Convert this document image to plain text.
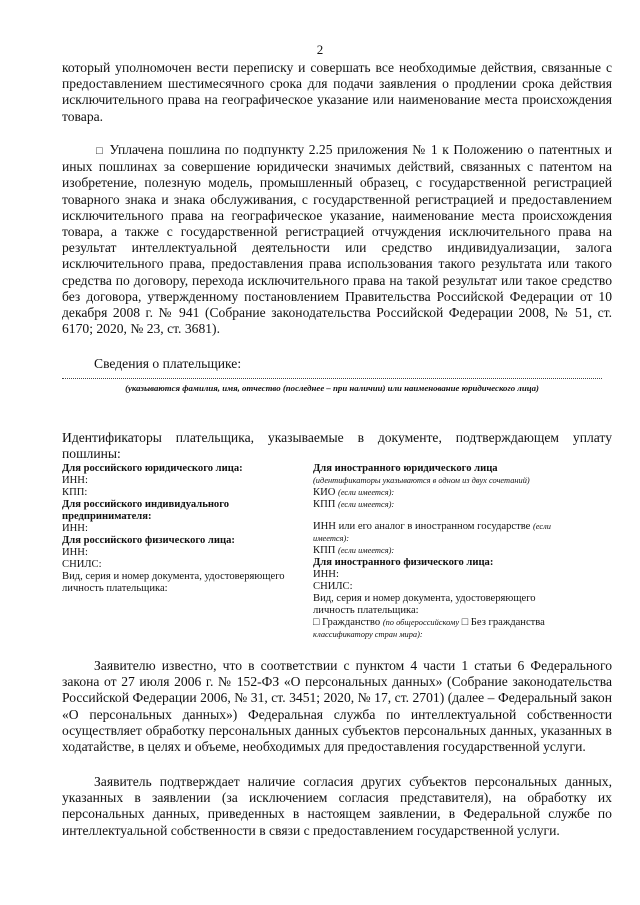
2
который уполномочен вести переписку и совершать все необходимые действия, связанные с предоставлением шестимесячного срока для подачи заявления о продлении срока действия исключительного права на географическое указание или наименование места происхождения товара.
□ Уплачена пошлина по подпункту 2.25 приложения № 1 к Положению о патентных и иных пошлинах за совершение юридически значимых действий, связанных с патентом на изобретение, полезную модель, промышленный образец, с государственной регистрацией товарного знака и знака обслуживания, с государственной регистрацией и предоставлением исключительного права на географическое указание, наименование места происхождения товара, а также с государственной регистрацией отчуждения исключительного права на результат интеллектуальной деятельности или средство индивидуализации, залога исключительного права, предоставления права использования такого результата или такого средства по договору, перехода исключительного права на такой результат или такое средство без договора, утвержденному постановлением Правительства Российской Федерации от 10 декабря 2008 г. № 941 (Собрание законодательства Российской Федерации 2008, № 51, ст. 6170; 2020, № 23, ст. 3681).
Сведения о плательщике:
(указываются фамилия, имя, отчество (последнее – при наличии) или наименование юридического лица)
Идентификаторы плательщика, указываемые в документе, подтверждающем уплату
пошлины:
Для российского юридического лица:
ИНН:
КПП:
Для российского индивидуального
предпринимателя:
ИНН:
Для российского физического лица:
ИНН:
СНИЛС:
Вид, серия и номер документа, удостоверяющего
личность плательщика:
Для иностранного юридического лица
(идентификаторы указываются в одном из двух сочетаний)
КИО (если имеется):
КПП (если имеется):
ИНН или его аналог в иностранном государстве (если
имеется):
КПП (если имеется):
Для иностранного физического лица:
ИНН:
СНИЛС:
Вид, серия и номер документа, удостоверяющего
личность плательщика:
□ Гражданство (по общероссийскому □ Без гражданства
классификатору стран мира):
Заявителю известно, что в соответствии с пунктом 4 части 1 статьи 6 Федерального закона от 27 июля 2006 г. № 152-ФЗ «О персональных данных» (Собрание законодательства Российской Федерации 2006, № 31, ст. 3451; 2020, № 17, ст. 2701) (далее – Федеральный закон «О персональных данных») Федеральная служба по интеллектуальной собственности осуществляет обработку персональных данных субъектов персональных данных, указанных в ходатайстве, в целях и объеме, необходимых для предоставления государственной услуги.
Заявитель подтверждает наличие согласия других субъектов персональных данных, указанных в заявлении (за исключением согласия представителя), на обработку их персональных данных, приведенных в настоящем заявлении, в Федеральной службе по интеллектуальной собственности в связи с предоставлением государственной услуги.
